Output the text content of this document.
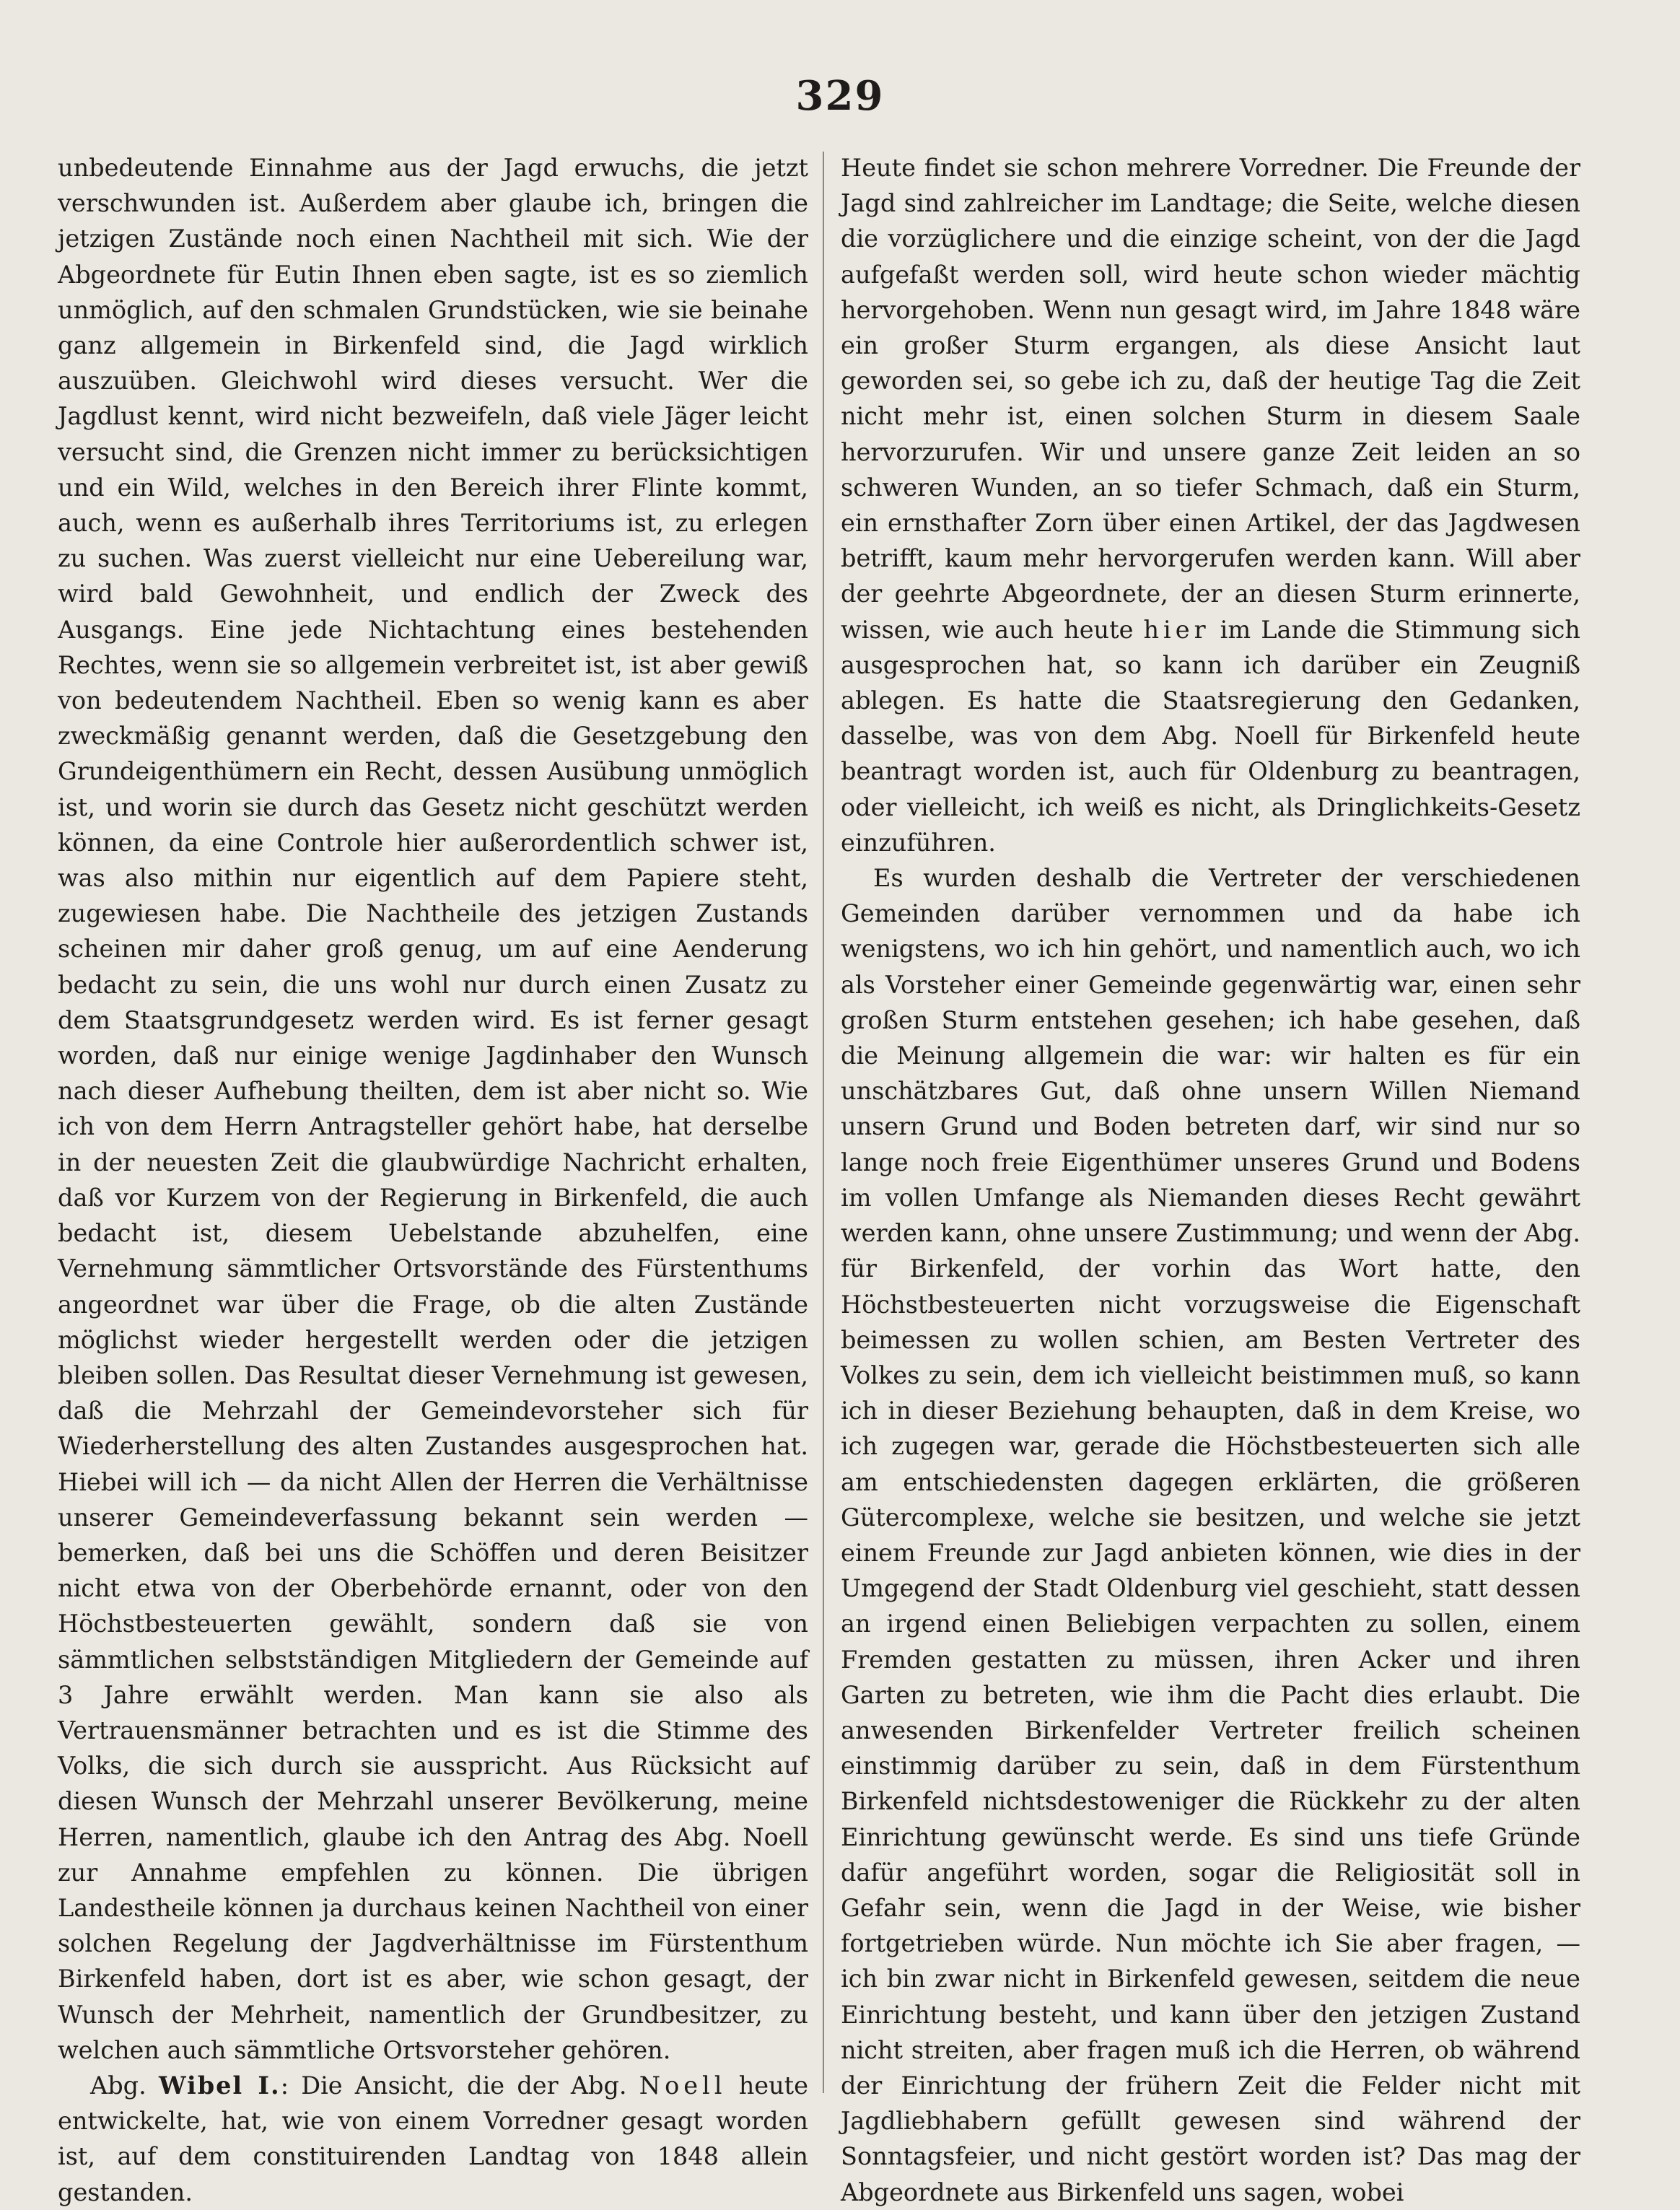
329

unbedeutende Einnahme aus der Jagd erwuchs, die jetzt verschwunden ist. Außerdem aber glaube ich, bringen die jetzigen Zustände noch einen Nachtheil mit sich. Wie der Abgeordnete für Eutin Ihnen eben sagte, ist es so ziemlich unmöglich, auf den schmalen Grundstücken, wie sie beinahe ganz allgemein in Birkenfeld sind, die Jagd wirklich auszuüben. Gleichwohl wird dieses versucht. Wer die Jagdlust kennt, wird nicht bezweifeln, daß viele Jäger leicht versucht sind, die Grenzen nicht immer zu berücksichtigen und ein Wild, welches in den Bereich ihrer Flinte kommt, auch, wenn es außerhalb ihres Territoriums ist, zu erlegen zu suchen. Was zuerst vielleicht nur eine Uebereilung war, wird bald Gewohnheit, und endlich der Zweck des Ausgangs. Eine jede Nichtachtung eines bestehenden Rechtes, wenn sie so allgemein verbreitet ist, ist aber gewiß von bedeutendem Nachtheil. Eben so wenig kann es aber zweckmäßig genannt werden, daß die Gesetzgebung den Grundeigenthümern ein Recht, dessen Ausübung unmöglich ist, und worin sie durch das Gesetz nicht geschützt werden können, da eine Controle hier außerordentlich schwer ist, was also mithin nur eigentlich auf dem Papiere steht, zugewiesen habe. Die Nachtheile des jetzigen Zustands scheinen mir daher groß genug, um auf eine Aenderung bedacht zu sein, die uns wohl nur durch einen Zusatz zu dem Staatsgrundgesetz werden wird. Es ist ferner gesagt worden, daß nur einige wenige Jagdinhaber den Wunsch nach dieser Aufhebung theilten, dem ist aber nicht so. Wie ich von dem Herrn Antragsteller gehört habe, hat derselbe in der neuesten Zeit die glaubwürdige Nachricht erhalten, daß vor Kurzem von der Regierung in Birkenfeld, die auch bedacht ist, diesem Uebelstande abzuhelfen, eine Vernehmung sämmtlicher Ortsvorstände des Fürstenthums angeordnet war über die Frage, ob die alten Zustände möglichst wieder hergestellt werden oder die jetzigen bleiben sollen. Das Resultat dieser Vernehmung ist gewesen, daß die Mehrzahl der Gemeindevorsteher sich für Wiederherstellung des alten Zustandes ausgesprochen hat. Hiebei will ich — da nicht Allen der Herren die Verhältnisse unserer Gemeindeverfassung bekannt sein werden — bemerken, daß bei uns die Schöffen und deren Beisitzer nicht etwa von der Oberbehörde ernannt, oder von den Höchstbesteuerten gewählt, sondern daß sie von sämmtlichen selbstständigen Mitgliedern der Gemeinde auf 3 Jahre erwählt werden. Man kann sie also als Vertrauensmänner betrachten und es ist die Stimme des Volks, die sich durch sie ausspricht. Aus Rücksicht auf diesen Wunsch der Mehrzahl unserer Bevölkerung, meine Herren, namentlich, glaube ich den Antrag des Abg. Noell zur Annahme empfehlen zu können. Die übrigen Landestheile können ja durchaus keinen Nachtheil von einer solchen Regelung der Jagdverhältnisse im Fürstenthum Birkenfeld haben, dort ist es aber, wie schon gesagt, der Wunsch der Mehrheit, namentlich der Grundbesitzer, zu welchen auch sämmtliche Ortsvorsteher gehören.

Abg. Wibel I.: Die Ansicht, die der Abg. Noell heute entwickelte, hat, wie von einem Vorredner gesagt worden ist, auf dem constituirenden Landtag von 1848 allein gestanden.

Heute findet sie schon mehrere Vorredner. Die Freunde der Jagd sind zahlreicher im Landtage; die Seite, welche diesen die vorzüglichere und die einzige scheint, von der die Jagd aufgefaßt werden soll, wird heute schon wieder mächtig hervorgehoben. Wenn nun gesagt wird, im Jahre 1848 wäre ein großer Sturm ergangen, als diese Ansicht laut geworden sei, so gebe ich zu, daß der heutige Tag die Zeit nicht mehr ist, einen solchen Sturm in diesem Saale hervorzurufen. Wir und unsere ganze Zeit leiden an so schweren Wunden, an so tiefer Schmach, daß ein Sturm, ein ernsthafter Zorn über einen Artikel, der das Jagdwesen betrifft, kaum mehr hervorgerufen werden kann. Will aber der geehrte Abgeordnete, der an diesen Sturm erinnerte, wissen, wie auch heute hier im Lande die Stimmung sich ausgesprochen hat, so kann ich darüber ein Zeugniß ablegen. Es hatte die Staatsregierung den Gedanken, dasselbe, was von dem Abg. Noell für Birkenfeld heute beantragt worden ist, auch für Oldenburg zu beantragen, oder vielleicht, ich weiß es nicht, als Dringlichkeits-Gesetz einzuführen.

Es wurden deshalb die Vertreter der verschiedenen Gemeinden darüber vernommen und da habe ich wenigstens, wo ich hin gehört, und namentlich auch, wo ich als Vorsteher einer Gemeinde gegenwärtig war, einen sehr großen Sturm entstehen gesehen; ich habe gesehen, daß die Meinung allgemein die war: wir halten es für ein unschätzbares Gut, daß ohne unsern Willen Niemand unsern Grund und Boden betreten darf, wir sind nur so lange noch freie Eigenthümer unseres Grund und Bodens im vollen Umfange als Niemanden dieses Recht gewährt werden kann, ohne unsere Zustimmung; und wenn der Abg. für Birkenfeld, der vorhin das Wort hatte, den Höchstbesteuerten nicht vorzugsweise die Eigenschaft beimessen zu wollen schien, am Besten Vertreter des Volkes zu sein, dem ich vielleicht beistimmen muß, so kann ich in dieser Beziehung behaupten, daß in dem Kreise, wo ich zugegen war, gerade die Höchstbesteuerten sich alle am entschiedensten dagegen erklärten, die größeren Gütercomplexe, welche sie besitzen, und welche sie jetzt einem Freunde zur Jagd anbieten können, wie dies in der Umgegend der Stadt Oldenburg viel geschieht, statt dessen an irgend einen Beliebigen verpachten zu sollen, einem Fremden gestatten zu müssen, ihren Acker und ihren Garten zu betreten, wie ihm die Pacht dies erlaubt. Die anwesenden Birkenfelder Vertreter freilich scheinen einstimmig darüber zu sein, daß in dem Fürstenthum Birkenfeld nichtsdestoweniger die Rückkehr zu der alten Einrichtung gewünscht werde. Es sind uns tiefe Gründe dafür angeführt worden, sogar die Religiosität soll in Gefahr sein, wenn die Jagd in der Weise, wie bisher fortgetrieben würde. Nun möchte ich Sie aber fragen, — ich bin zwar nicht in Birkenfeld gewesen, seitdem die neue Einrichtung besteht, und kann über den jetzigen Zustand nicht streiten, aber fragen muß ich die Herren, ob während der Einrichtung der frühern Zeit die Felder nicht mit Jagdliebhabern gefüllt gewesen sind während der Sonntagsfeier, und nicht gestört worden ist? Das mag der Abgeordnete aus Birkenfeld uns sagen, wobei
